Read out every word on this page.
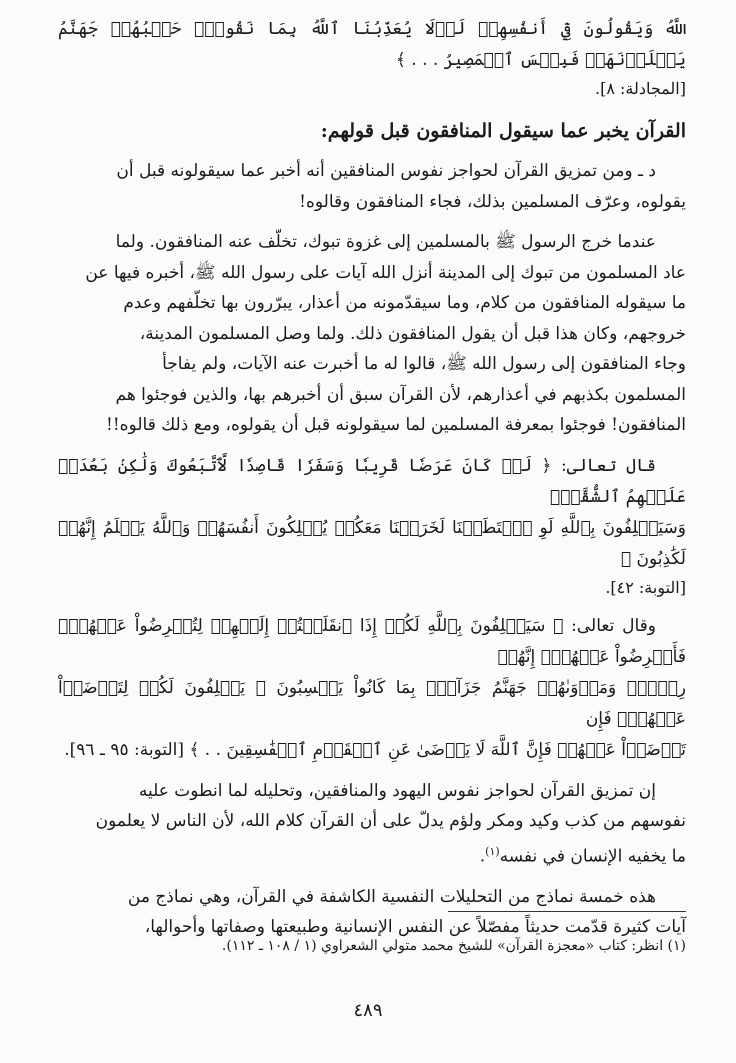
اللَّهُ وَيَقُولُونَ فِيٓ أَنفُسِهِمۡ لَوۡلَا يُعَذِّبُنَا ٱللَّهُ بِمَا نَقُولُۚ حَسۡبُهُمۡ جَهَنَّمُ يَصۡلَوۡنَهَاۖ فَبِئۡسَ ٱلۡمَصِيرُ . . . ﴾
[المجادلة: ٨].
القرآن يخبر عما سيقول المنافقون قبل قولهم:
د ـ ومن تمزيق القرآن لحواجز نفوس المنافقين أنه أخبر عما سيقولونه قبل أن
يقولوه، وعرّف المسلمين بذلك، فجاء المنافقون وقالوه!
عندما خرج الرسول ﷺ بالمسلمين إلى غزوة تبوك، تخلّف عنه المنافقون. ولما
عاد المسلمون من تبوك إلى المدينة أنزل الله آيات على رسول الله ﷺ، أخبره فيها عن
ما سيقوله المنافقون من كلام، وما سيقدّمونه من أعذار، يبرّرون بها تخلّفهم وعدم
خروجهم، وكان هذا قبل أن يقول المنافقون ذلك. ولما وصل المسلمون المدينة،
وجاء المنافقون إلى رسول الله ﷺ، قالوا له ما أخبرت عنه الآيات، ولم يفاجأ
المسلمون بكذبهم في أعذارهم، لأن القرآن سبق أن أخبرهم بها، والذين فوجئوا هم
المنافقون! فوجئوا بمعرفة المسلمين لما سيقولونه قبل أن يقولوه، ومع ذلك قالوه!!
قال تعالى: ﴿ لَوۡ كَانَ عَرَضٗا قَرِيبٗا وَسَفَرٗا قَاصِدٗا لَّٱتَّبَعُوكَ وَلَٰكِنۢ بَعُدَتۡ عَلَيۡهِمُ ٱلشُّقَّةُۚ
وَسَيَحۡلِفُونَ بِٱللَّهِ لَوِ ٱسۡتَطَعۡنَا لَخَرَجۡنَا مَعَكُمۡ يُهۡلِكُونَ أَنفُسَهُمۡ وَٱللَّهُ يَعۡلَمُ إِنَّهُمۡ لَكَٰذِبُونَ ﴾
[التوبة: ٤٢].
وقال تعالى: ﴿ سَيَحۡلِفُونَ بِٱللَّهِ لَكُمۡ إِذَا ٱنقَلَبۡتُمۡ إِلَيۡهِمۡ لِتُعۡرِضُواْ عَنۡهُمۡۖ فَأَعۡرِضُواْ عَنۡهُمۡۖ إِنَّهُمۡ
رِجۡسٞۖ وَمَأۡوَىٰهُمۡ جَهَنَّمُ جَزَآءَۢ بِمَا كَانُواْ يَكۡسِبُونَ ۞ يَحۡلِفُونَ لَكُمۡ لِتَرۡضَوۡاْ عَنۡهُمۡۖ فَإِن
تَرۡضَوۡاْ عَنۡهُمۡ فَإِنَّ ٱللَّهَ لَا يَرۡضَىٰ عَنِ ٱلۡقَوۡمِ ٱلۡفَٰسِقِينَ . . ﴾ [التوبة: ٩٥ ـ ٩٦].
إن تمزيق القرآن لحواجز نفوس اليهود والمنافقين، وتحليله لما انطوت عليه
نفوسهم من كذب وكيد ومكر ولؤم يدلّ على أن القرآن كلام الله، لأن الناس لا يعلمون
ما يخفيه الإنسان في نفسه$^{(١)}$.
هذه خمسة نماذج من التحليلات النفسية الكاشفة في القرآن، وهي نماذج من
آيات كثيرة قدّمت حديثاً مفصّلاً عن النفس الإنسانية وطبيعتها وصفاتها وأحوالها،
(١) انظر: كتاب «معجزة القرآن» للشيخ محمد متولي الشعراوي (١ / ١٠٨ ـ ١١٢).
٤٨٩
